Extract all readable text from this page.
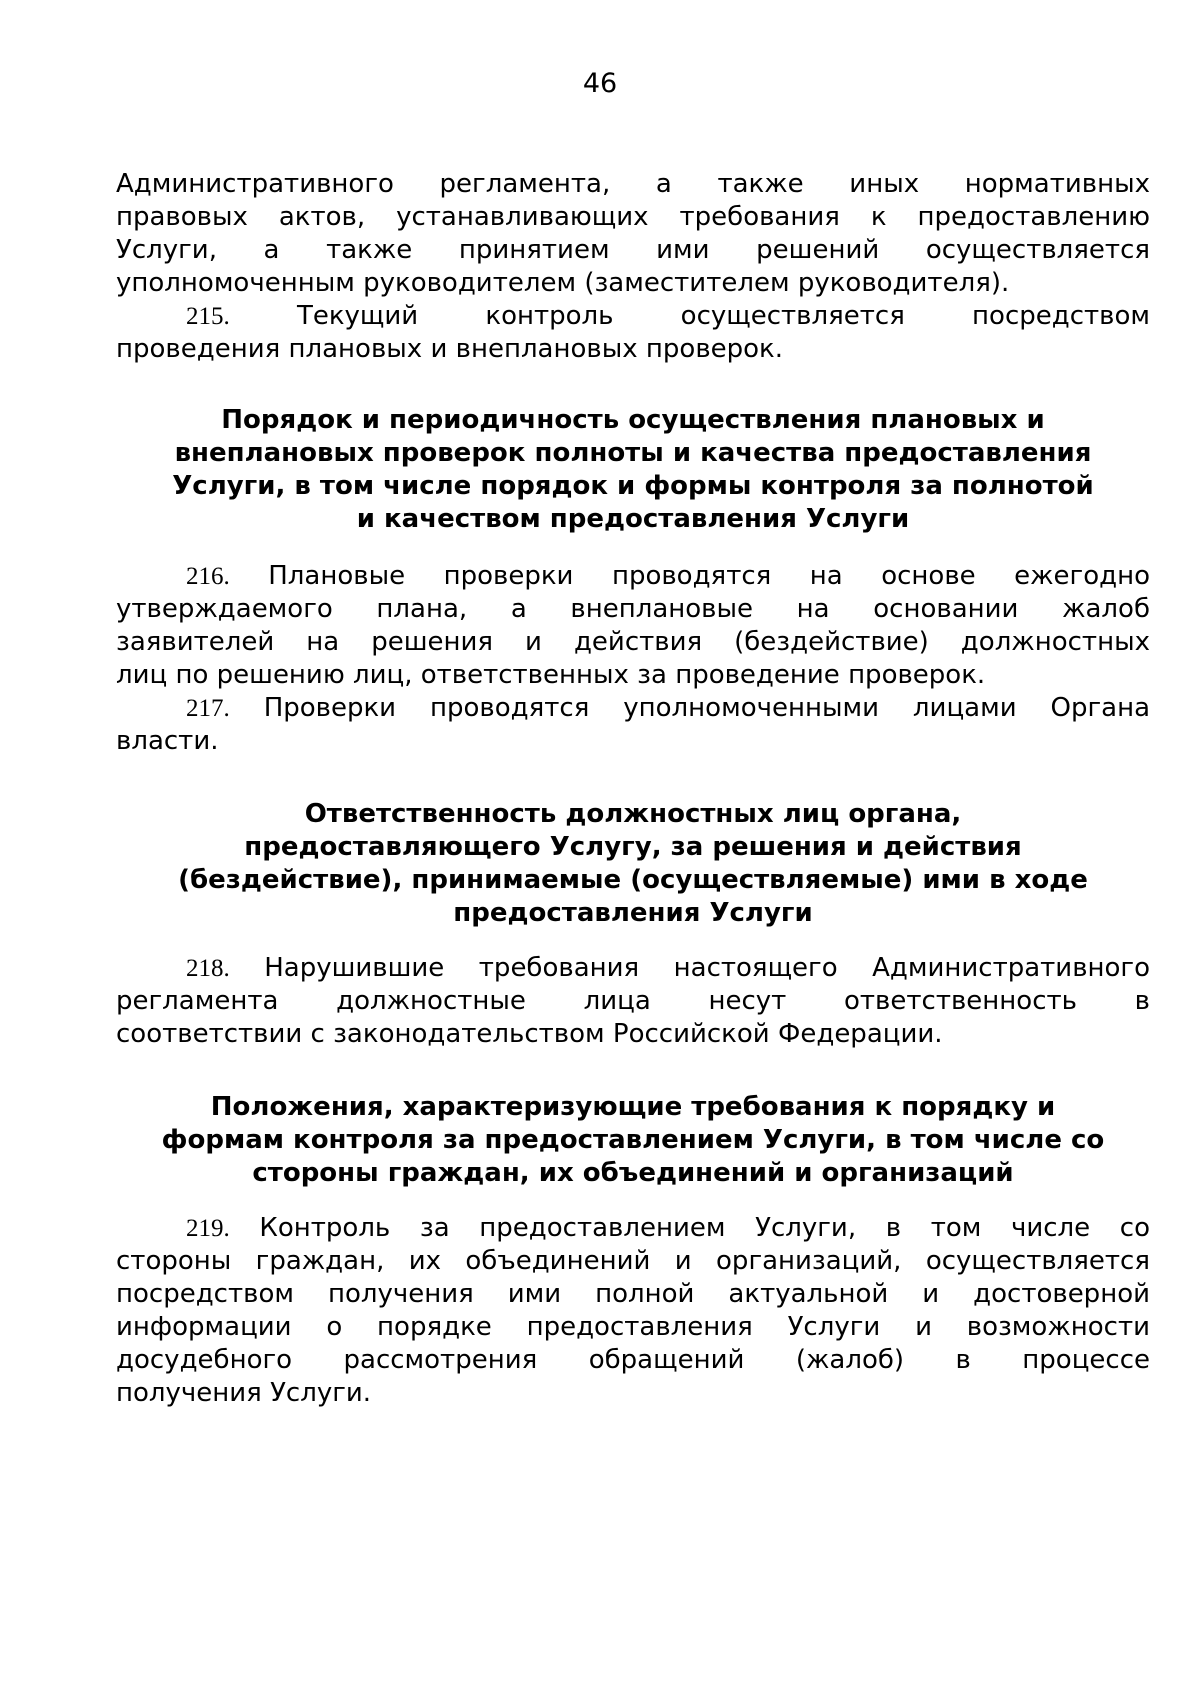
46

Административного регламента, а также иных нормативных
правовых актов, устанавливающих требования к предоставлению
Услуги, а также принятием ими решений осуществляется
уполномоченным руководителем (заместителем руководителя).

215.	Текущий контроль осуществляется посредством
проведения плановых и внеплановых проверок.

Порядок и периодичность осуществления плановых и
внеплановых проверок полноты и качества предоставления
Услуги, в том числе порядок и формы контроля за полнотой
и качеством предоставления Услуги

216. Плановые проверки проводятся на основе ежегодно
утверждаемого плана, а внеплановые на основании жалоб
заявителей на решения и действия (бездействие) должностных
лиц по решению лиц, ответственных за проведение проверок.

217. Проверки проводятся уполномоченными лицами Органа
власти.

Ответственность должностных лиц органа,
предоставляющего Услугу, за решения и действия
(бездействие), принимаемые (осуществляемые) ими в ходе
предоставления Услуги

218. Нарушившие требования настоящего Административного
регламента должностные лица несут ответственность в
соответствии с законодательством Российской Федерации.

Положения, характеризующие требования к порядку и
формам контроля за предоставлением Услуги, в том числе со
стороны граждан, их объединений и организаций

219. Контроль за предоставлением Услуги, в том числе со
стороны граждан, их объединений и организаций, осуществляется
посредством получения ими полной актуальной и достоверной
информации о порядке предоставления Услуги и возможности
досудебного рассмотрения обращений (жалоб) в процессе
получения Услуги.
